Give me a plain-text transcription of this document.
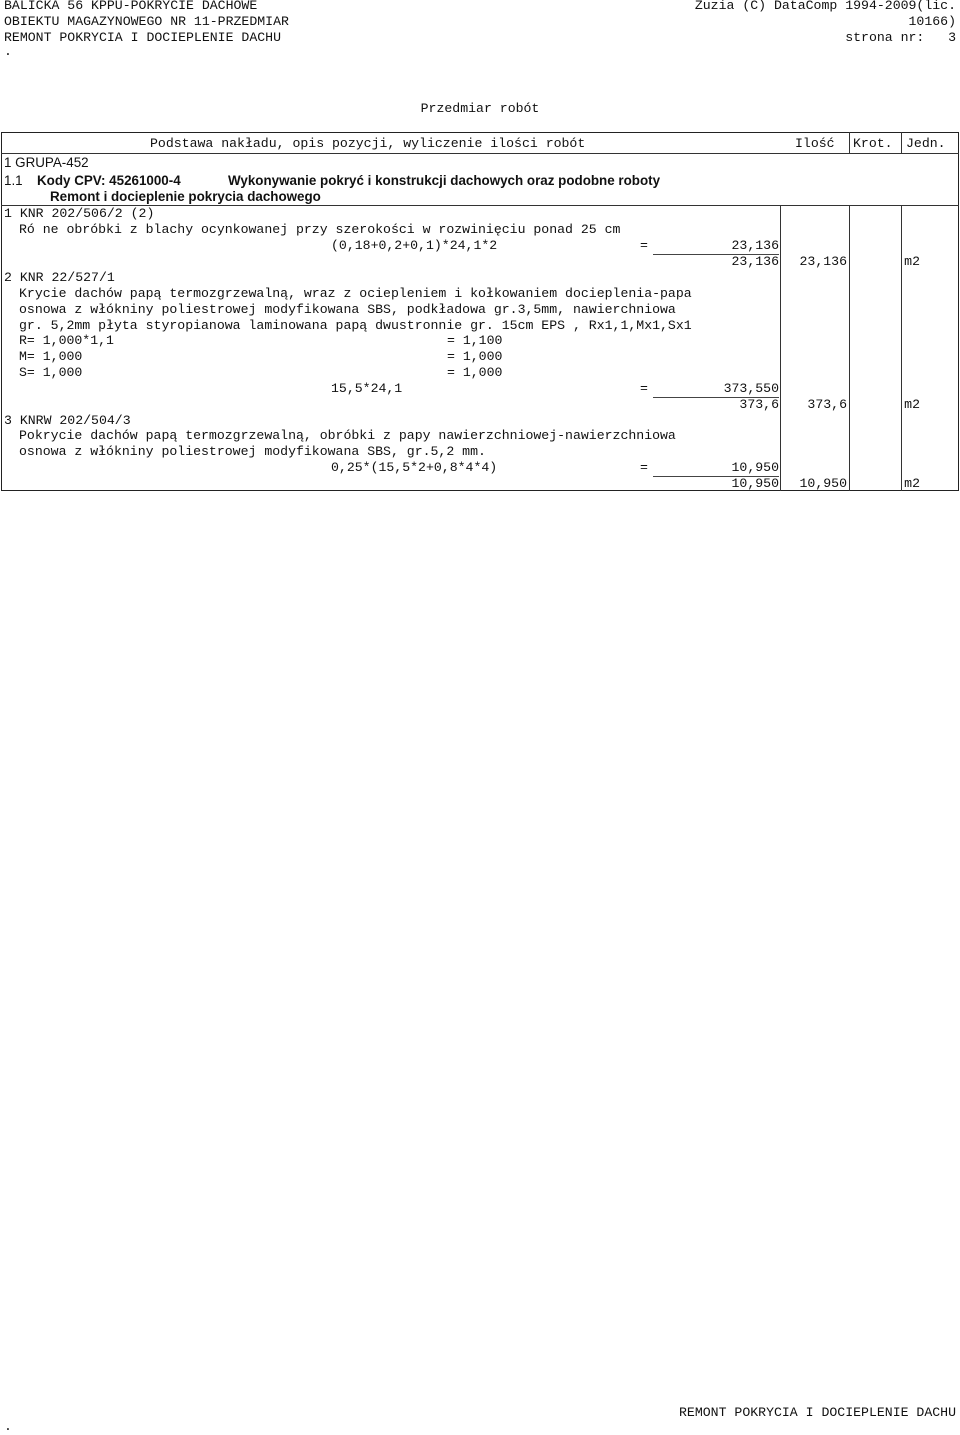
BALICKA 56 KPPU-POKRYCIE DACHOWE	Zuzia (C) DataComp 1994-2009(lic.
OBIEKTU MAGAZYNOWEGO NR 11-PRZEDMIAR	10166)
REMONT POKRYCIA I DOCIEPLENIE DACHU	strona nr:   3
.
Przedmiar robót
Podstawa nakładu, opis pozycji, wyliczenie ilości robót	Ilość Krot. Jedn.
1 GRUPA-452
1.1 Kody CPV: 45261000-4	Wykonywanie pokryć i konstrukcji dachowych oraz podobne roboty
Remont i docieplenie pokrycia dachowego
1 KNR 202/506/2 (2)
Ró ne obróbki z blachy ocynkowanej przy szerokości w rozwinięciu ponad 25 cm
(0,18+0,2+0,1)*24,1*2	=	23,136
23,136 23,136	m2
2 KNR 22/527/1
Krycie dachów papą termozgrzewalną, wraz z ociepleniem i kołkowaniem docieplenia-papa
osnowa z włókniny poliestrowej modyfikowana SBS, podkładowa gr.3,5mm, nawierchniowa
gr. 5,2mm płyta styropianowa laminowana papą dwustronnie gr. 15cm EPS , Rx1,1,Mx1,Sx1
R= 1,000*1,1	= 1,100
M= 1,000	= 1,000
S= 1,000	= 1,000
15,5*24,1	=	373,550
373,6 373,6	m2
3 KNRW 202/504/3
Pokrycie dachów papą termozgrzewalną, obróbki z papy nawierzchniowej-nawierzchniowa
osnowa z włókniny poliestrowej modyfikowana SBS, gr.5,2 mm.
0,25*(15,5*2+0,8*4*4)	=	10,950
10,950 10,950	m2
REMONT POKRYCIA I DOCIEPLENIE DACHU
.
